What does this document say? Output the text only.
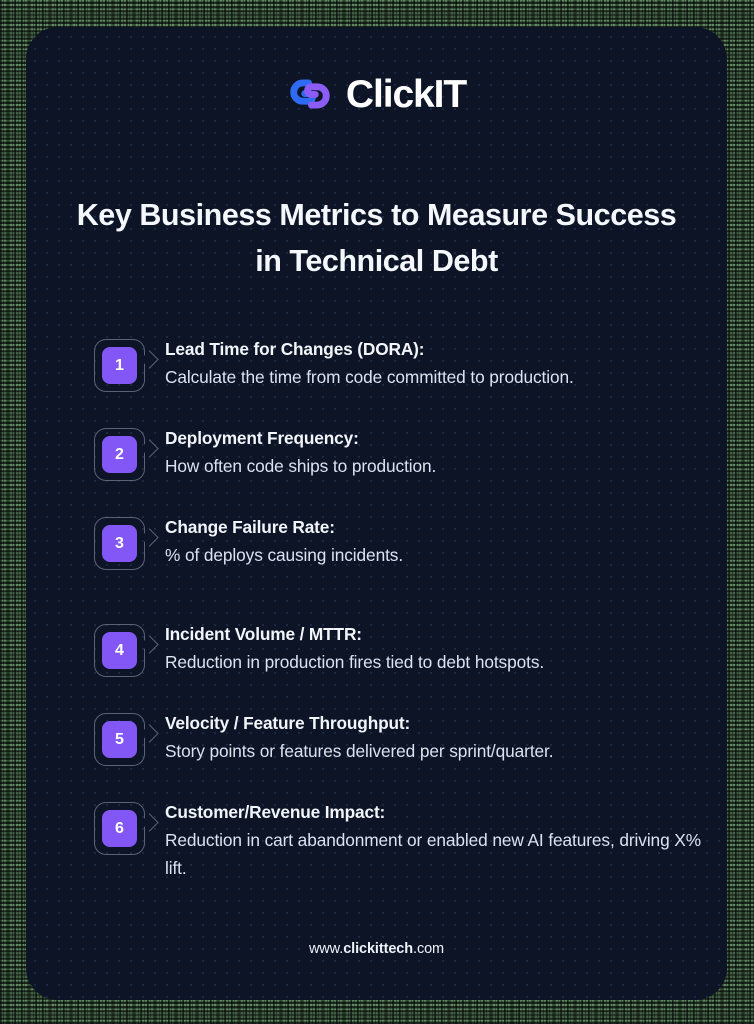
ClickIT
Key Business Metrics to Measure Success in Technical Debt
1
Lead Time for Changes (DORA):
Calculate the time from code committed to production.
2
Deployment Frequency:
How often code ships to production.
3
Change Failure Rate:
% of deploys causing incidents.
4
Incident Volume / MTTR:
Reduction in production fires tied to debt hotspots.
5
Velocity / Feature Throughput:
Story points or features delivered per sprint/quarter.
6
Customer/Revenue Impact:
Reduction in cart abandonment or enabled new AI features, driving X% lift.
www.clickittech.com
